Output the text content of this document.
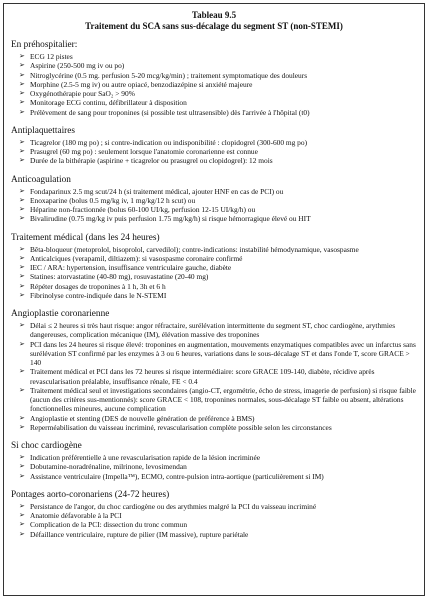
Tableau 9.5

Traitement du SCA sans sus-décalage du segment ST (non-STEMI)

En préhospitalier:

➢ ECG 12 pistes
➢ Aspirine (250-500 mg iv ou po)
➢ Nitroglycérine (0.5 mg. perfusion 5-20 mcg/kg/min) ; traitement symptomatique des douleurs
➢ Morphine (2.5-5 mg iv) ou autre opiacé, benzodiazépine si anxiété majeure
➢ Oxygénothérapie pour SaO₂ > 90%
➢ Monitorage ECG continu, défibrillateur à disposition
➢ Prélèvement de sang pour troponines (si possible test ultrasensible) dès l'arrivée à l'hôpital (t0)

Antiplaquettaires

➢ Ticagrelor (180 mg po) ; si contre-indication ou indisponibilité : clopidogrel (300-600 mg po)
➢ Prasugrel (60 mg po) : seulement lorsque l'anatomie coronarienne est connue
➢ Durée de la bithérapie (aspirine + ticagrelor ou prasugrel ou clopidogrel): 12 mois

Anticoagulation

➢ Fondaparinux 2.5 mg scut/24 h (si traitement médical, ajouter HNF en cas de PCI) ou
➢ Enoxaparine (bolus 0.5 mg/kg iv, 1 mg/kg/12 h scut) ou
➢ Héparine non-fractionnée (bolus 60-100 UI/kg, perfusion 12-15 UI/kg/h) ou
➢ Bivalirudine (0.75 mg/kg iv puis perfusion 1.75 mg/kg/h) si risque hémorragique élevé ou HIT

Traitement médical (dans les 24 heures)

➢ Bêta-bloqueur (metoprolol, bisoprolol, carvedilol); contre-indications: instabilité hémodynamique, vasospasme
➢ Anticalciques (verapamil, diltiazem): si vasospasme coronaire confirmé
➢ IEC / ARA: hypertension, insuffisance ventriculaire gauche, diabète
➢ Statines: atorvastatine (40-80 mg), rosuvastatine (20-40 mg)
➢ Répéter dosages de troponines à 1 h, 3h et 6 h
➢ Fibrinolyse contre-indiquée dans le N-STEMI

Angioplastie coronarienne

➢ Délai ≤ 2 heures si très haut risque: angor réfractaire, surélévation intermittente du segment ST, choc cardiogène, arythmies dangereuses, complication mécanique (IM), élévation massive des troponines
➢ PCI dans les 24 heures si risque élevé: troponines en augmentation, mouvements enzymatiques compatibles avec un infarctus sans surélévation ST confirmé par les enzymes à 3 ou 6 heures, variations dans le sous-décalage ST et dans l'onde T, score GRACE > 140
➢ Traitement médical et PCI dans les 72 heures si risque intermédiaire: score GRACE 109-140, diabète, récidive après revascularisation préalable, insuffisance rénale, FE < 0.4
➢ Traitement médical seul et investigations secondaires (angio-CT, ergométrie, écho de stress, imagerie de perfusion) si risque faible (aucun des critères sus-mentionnés): score GRACE < 108, troponines normales, sous-décalage ST faible ou absent, altérations fonctionnelles mineures, aucune complication
➢ Angioplastie et stenting (DES de nouvelle génération de préférence à BMS)
➢ Reperméabilisation du vaisseau incriminé, revascularisation complète possible selon les circonstances

Si choc cardiogène

➢ Indication préférentielle à une revascularisation rapide de la lésion incriminée
➢ Dobutamine-noradrénaline, milrinone, levosimendan
➢ Assistance ventriculaire (Impella™), ECMO, contre-pulsion intra-aortique (particulièrement si IM)

Pontages aorto-coronariens (24-72 heures)

➢ Persistance de l'angor, du choc cardiogène ou des arythmies malgré la PCI du vaisseau incriminé
➢ Anatomie défavorable à la PCI
➢ Complication de la PCI: dissection du tronc commun
➢ Défaillance ventriculaire, rupture de pilier (IM massive), rupture pariétale
